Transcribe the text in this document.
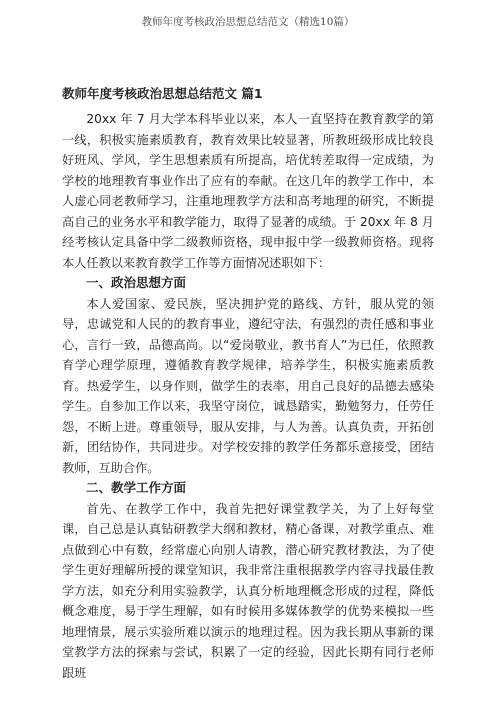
教师年度考核政治思想总结范文（精选10篇）
教师年度考核政治思想总结范文 篇1

20xx 年 7 月大学本科毕业以来，本人一直坚持在教育教学的第一线，积极实施素质教育，教育效果比较显著，所教班级形成比较良好班风、学风，学生思想素质有所提高，培优转差取得一定成绩，为学校的地理教育事业作出了应有的奉献。在这几年的教学工作中，本人虚心同老教师学习，注重地理教学方法和高考地理的研究，不断提高自己的业务水平和教学能力，取得了显著的成绩。于 20xx 年 8 月经考核认定具备中学二级教师资格，现申报中学一级教师资格。现将本人任教以来教育教学工作等方面情况述职如下：

一、政治思想方面

本人爱国家、爱民族，坚决拥护党的路线、方针，服从党的领导，忠诚党和人民的的教育事业，遵纪守法，有强烈的责任感和事业心，言行一致，品德高尚。以“爱岗敬业，教书育人”为已任，依照教育学心理学原理，遵循教育教学规律，培养学生，积极实施素质教育。热爱学生，以身作则，做学生的表率，用自己良好的品德去感染学生。自参加工作以来，我坚守岗位，诚恳踏实，勤勉努力，任劳任怨，不断上进。尊重领导，服从安排，与人为善。认真负责，开拓创新，团结协作，共同进步。对学校安排的教学任务都乐意接受，团结教师，互助合作。

二、教学工作方面

首先、在教学工作中，我首先把好课堂教学关，为了上好每堂课，自己总是认真钻研教学大纲和教材，精心备课，对教学重点、难点做到心中有数，经常虚心向别人请教，潜心研究教材教法，为了使学生更好理解所授的课堂知识，我非常注重根据教学内容寻找最佳教学方法，如充分利用实验教学，认真分析地理概念形成的过程，降低概念难度，易于学生理解，如有时候用多媒体教学的优势来模拟一些地理情景，展示实验所难以演示的地理过程。因为我长期从事新的课堂教学方法的探索与尝试，积累了一定的经验，因此长期有同行老师跟班
